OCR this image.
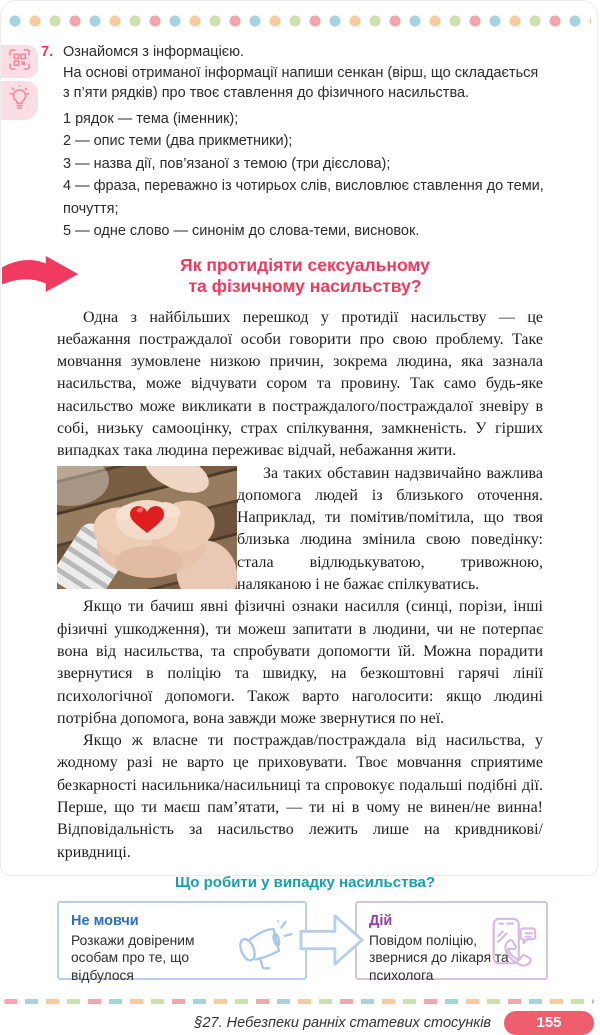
7. Ознайомся з інформацією.

На основі отриманої інформації напиши сенкан (вірш, що складається з п’яти рядків) про твоє ставлення до фізичного насильства.

1 рядок — тема (іменник);

2 — опис теми (два прикметники);

3 — назва дії, пов’язаної з темою (три дієслова);

4 — фраза, переважно із чотирьох слів, висловлює ставлення до теми, почуття;

5 — одне слово — синонім до слова-теми, висновок.

Як протидіяти сексуальному
та фізичному насильству?

Одна з найбільших перешкод у протидії насильству — це небажання постраждалої особи говорити про свою проблему. Таке мовчання зумовлене низкою причин, зокрема людина, яка зазнала насильства, може відчувати сором та провину. Так само будь-яке насильство може викликати в постраждалого/постраждалої зневіру в собі, низьку самооцінку, страх спілкування, замкненість. У гірших випадках така людина переживає відчай, небажання жити.

За таких обставин надзвичайно важлива допомога людей із близького оточення. Наприклад, ти помітив/помітила, що твоя близька людина змінила свою поведінку: стала відлюдькуватою, тривожною, наляканою і не бажає спілкуватись.

Якщо ти бачиш явні фізичні ознаки насилля (синці, порізи, інші фізичні ушкодження), ти можеш запитати в людини, чи не потерпає вона від насильства, та спробувати допомогти їй. Можна порадити звернутися в поліцію та швидку, на безкоштовні гарячі лінії психологічної допомоги. Також варто наголосити: якщо людині потрібна допомога, вона завжди може звернутися по неї.

Якщо ж власне ти постраждав/постраждала від насильства, у жодному разі не варто це приховувати. Твоє мовчання сприятиме безкарності насильника/насильниці та спровокує подальші подібні дії. Перше, що ти маєш пам’ятати, — ти ні в чому не винен/не винна! Відповідальність за насильство лежить лише на кривдникові/кривдниці.

Що робити у випадку насильства?
Не мовчи

Розкажи довіреним особам про те, що відбулося

Дій

Повідом поліцію, звернися до лікаря та психолога

§27. Небезпеки ранніх статевих стосунків	155
